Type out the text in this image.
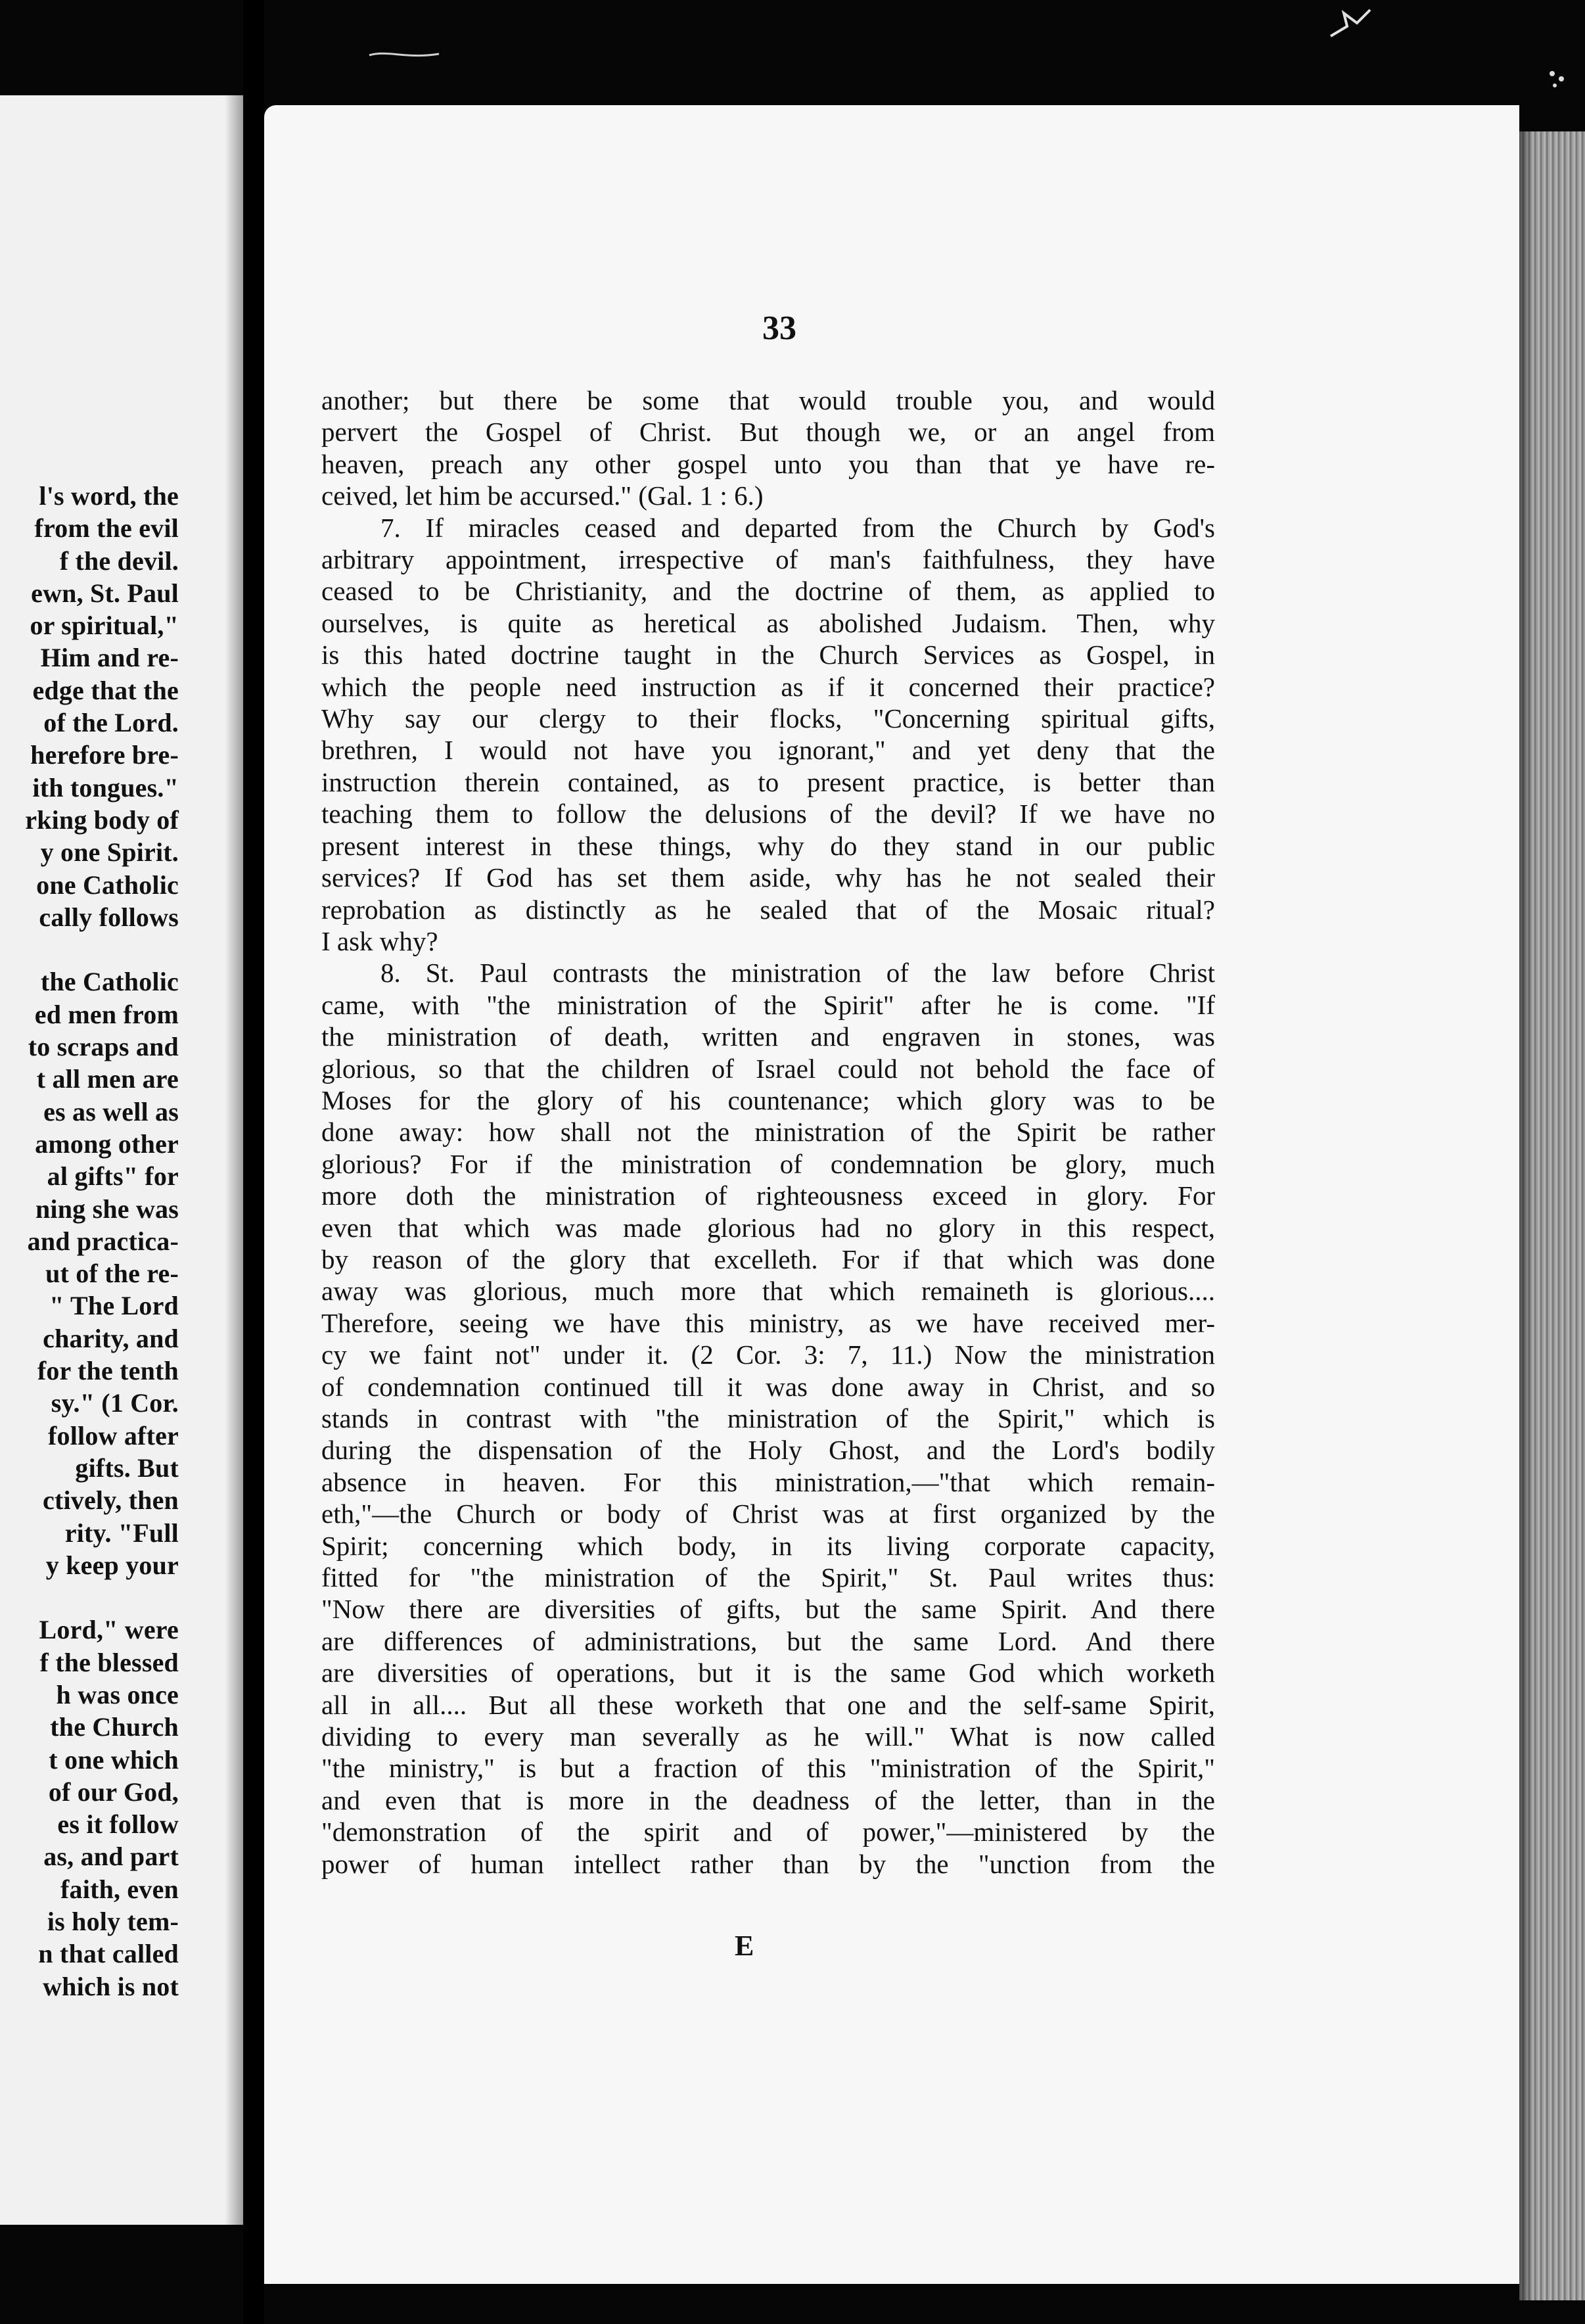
l's word, the
from the evil
f the devil.
ewn, St. Paul
or spiritual,"
Him and re-
edge that the
of the Lord.
herefore bre-
ith tongues."
rking body of
y one Spirit.
one Catholic
cally follows

the Catholic
ed men from
to scraps and
t all men are
es as well as
among other
al gifts" for
ning she was
and practica-
ut of the re-
" The Lord
charity, and
for the tenth
sy." (1 Cor.
follow after
gifts. But
ctively, then
rity. "Full
y keep your

Lord," were
f the blessed
h was once
the Church
t one which
of our God,
es it follow
as, and part
faith, even
is holy tem-
n that called
which is not
33
another; but there be some that would trouble you, and would
pervert the Gospel of Christ. But though we, or an angel from
heaven, preach any other gospel unto you than that ye have re-
ceived, let him be accursed." (Gal. 1 : 6.)
7. If miracles ceased and departed from the Church by God's
arbitrary appointment, irrespective of man's faithfulness, they have
ceased to be Christianity, and the doctrine of them, as applied to
ourselves, is quite as heretical as abolished Judaism. Then, why
is this hated doctrine taught in the Church Services as Gospel, in
which the people need instruction as if it concerned their practice?
Why say our clergy to their flocks, "Concerning spiritual gifts,
brethren, I would not have you ignorant," and yet deny that the
instruction therein contained, as to present practice, is better than
teaching them to follow the delusions of the devil? If we have no
present interest in these things, why do they stand in our public
services? If God has set them aside, why has he not sealed their
reprobation as distinctly as he sealed that of the Mosaic ritual?
I ask why?
8. St. Paul contrasts the ministration of the law before Christ
came, with "the ministration of the Spirit" after he is come. "If
the ministration of death, written and engraven in stones, was
glorious, so that the children of Israel could not behold the face of
Moses for the glory of his countenance; which glory was to be
done away: how shall not the ministration of the Spirit be rather
glorious? For if the ministration of condemnation be glory, much
more doth the ministration of righteousness exceed in glory. For
even that which was made glorious had no glory in this respect,
by reason of the glory that excelleth. For if that which was done
away was glorious, much more that which remaineth is glorious....
Therefore, seeing we have this ministry, as we have received mer-
cy we faint not" under it. (2 Cor. 3: 7, 11.) Now the ministration
of condemnation continued till it was done away in Christ, and so
stands in contrast with "the ministration of the Spirit," which is
during the dispensation of the Holy Ghost, and the Lord's bodily
absence in heaven. For this ministration,—"that which remain-
eth,"—the Church or body of Christ was at first organized by the
Spirit; concerning which body, in its living corporate capacity,
fitted for "the ministration of the Spirit," St. Paul writes thus:
"Now there are diversities of gifts, but the same Spirit. And there
are differences of administrations, but the same Lord. And there
are diversities of operations, but it is the same God which worketh
all in all.... But all these worketh that one and the self-same Spirit,
dividing to every man severally as he will." What is now called
"the ministry," is but a fraction of this "ministration of the Spirit,"
and even that is more in the deadness of the letter, than in the
"demonstration of the spirit and of power,"—ministered by the
power of human intellect rather than by the "unction from the
E
